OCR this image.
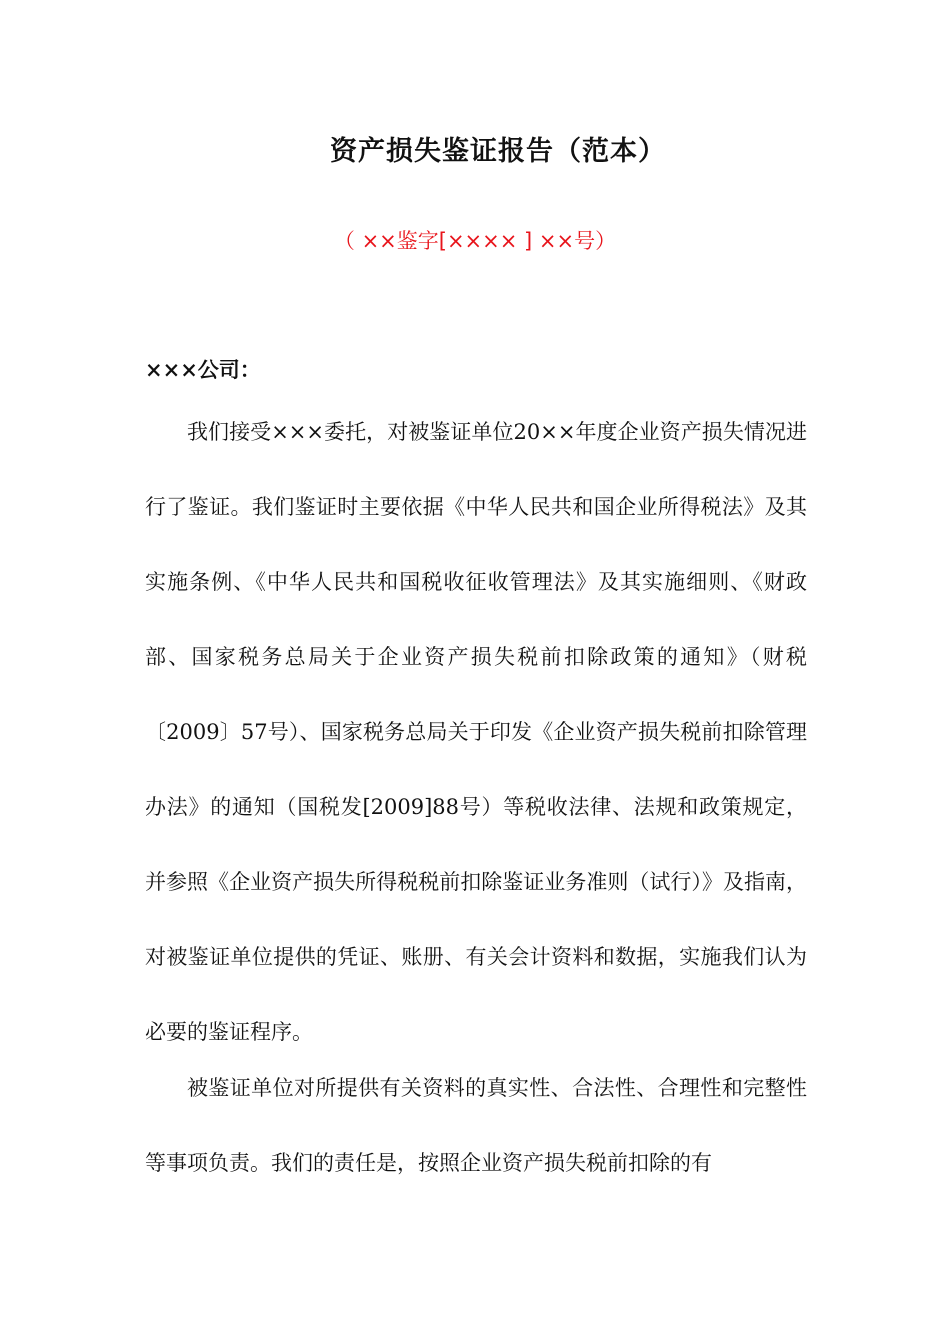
资产损失鉴证报告（范本）
（ ××鉴字[×××× ] ××号）
×××公司：

我们接受×××委托，对被鉴证单位20××年度企业资产损失情况进行了鉴证。我们鉴证时主要依据《中华人民共和国企业所得税法》及其实施条例、《中华人民共和国税收征收管理法》及其实施细则、《财政部、国家税务总局关于企业资产损失税前扣除政策的通知》（财税〔2009〕57号）、国家税务总局关于印发《企业资产损失税前扣除管理办法》的通知（国税发[2009]88号）等税收法律、法规和政策规定，并参照《企业资产损失所得税税前扣除鉴证业务准则（试行）》及指南，对被鉴证单位提供的凭证、账册、有关会计资料和数据，实施我们认为必要的鉴证程序。

被鉴证单位对所提供有关资料的真实性、合法性、合理性和完整性等事项负责。我们的责任是，按照企业资产损失税前扣除的有
